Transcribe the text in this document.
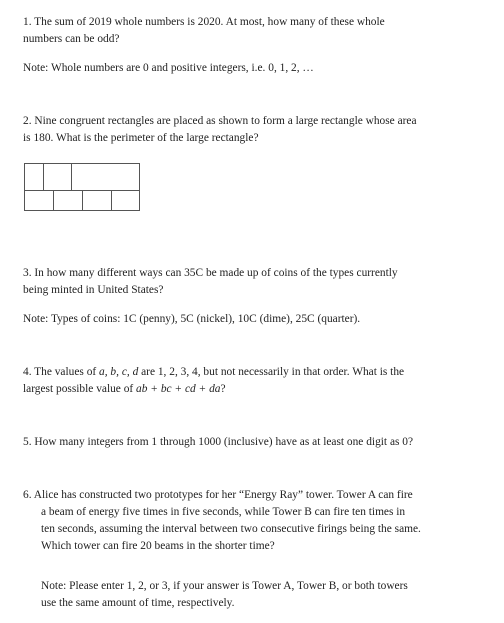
1. The sum of 2019 whole numbers is 2020. At most, how many of these whole

numbers can be odd?

Note: Whole numbers are 0 and positive integers, i.e. 0, 1, 2, …

2. Nine congruent rectangles are placed as shown to form a large rectangle whose area

is 180. What is the perimeter of the large rectangle?

3. In how many different ways can 35C be made up of coins of the types currently

being minted in United States?

Note: Types of coins: 1C (penny), 5C (nickel), 10C (dime), 25C (quarter).

4. The values of a, b, c, d are 1, 2, 3, 4, but not necessarily in that order. What is the

largest possible value of ab + bc + cd + da?

5. How many integers from 1 through 1000 (inclusive) have as at least one digit as 0?

6. Alice has constructed two prototypes for her “Energy Ray” tower. Tower A can fire

a beam of energy five times in five seconds, while Tower B can fire ten times in

ten seconds, assuming the interval between two consecutive firings being the same.

Which tower can fire 20 beams in the shorter time?

Note: Please enter 1, 2, or 3, if your answer is Tower A, Tower B, or both towers

use the same amount of time, respectively.
